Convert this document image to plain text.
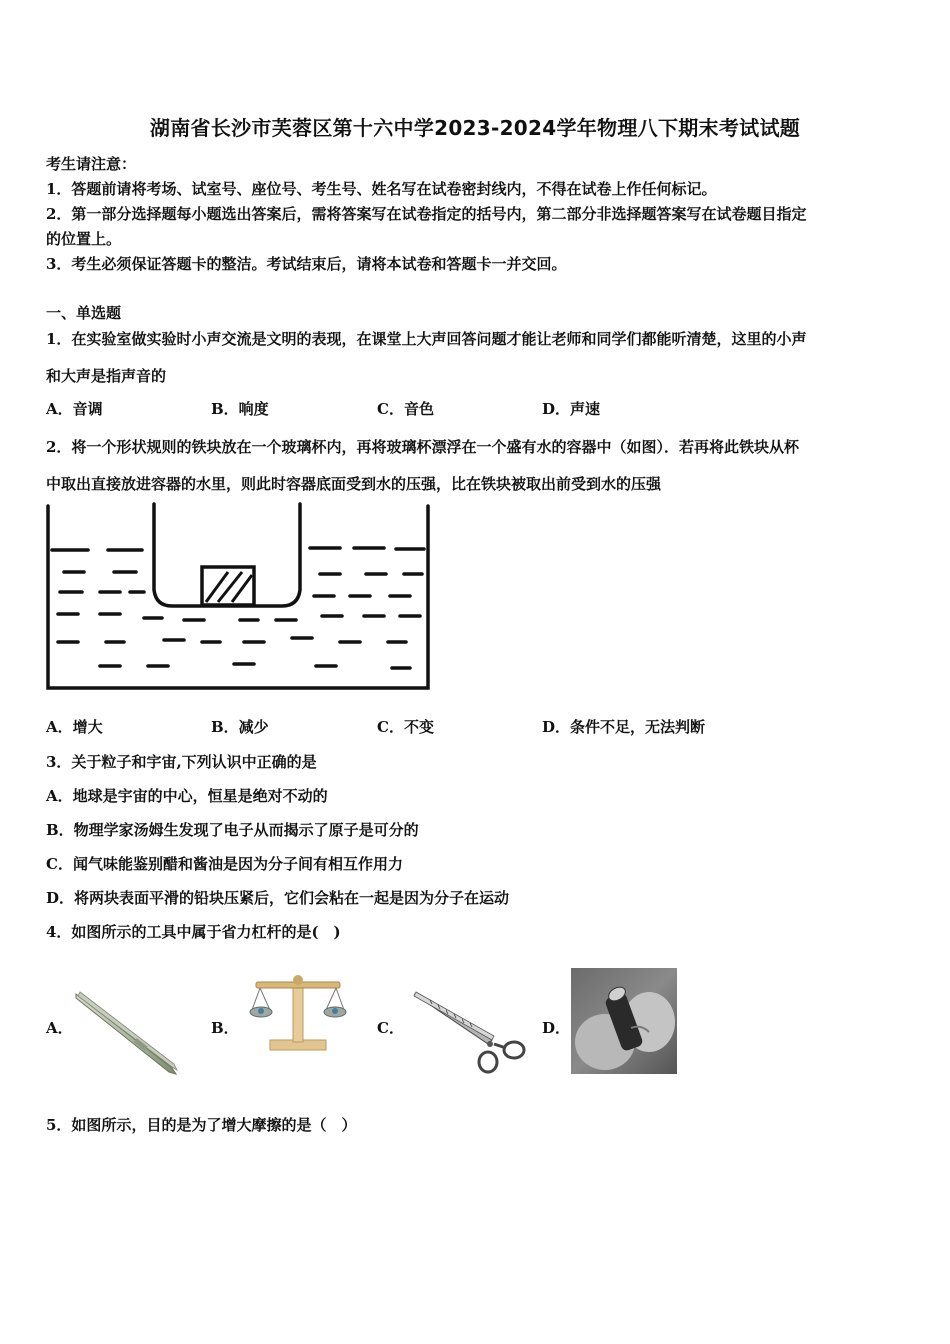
湖南省长沙市芙蓉区第十六中学2023-2024学年物理八下期末考试试题
考生请注意：
1．答题前请将考场、试室号、座位号、考生号、姓名写在试卷密封线内，不得在试卷上作任何标记。
2．第一部分选择题每小题选出答案后，需将答案写在试卷指定的括号内，第二部分非选择题答案写在试卷题目指定
的位置上。
3．考生必须保证答题卡的整洁。考试结束后，请将本试卷和答题卡一并交回。
一、单选题
1．在实验室做实验时小声交流是文明的表现，在课堂上大声回答问题才能让老师和同学们都能听清楚，这里的小声
和大声是指声音的
A．音调	B．响度	C．音色	D．声速
2．将一个形状规则的铁块放在一个玻璃杯内，再将玻璃杯漂浮在一个盛有水的容器中（如图）．若再将此铁块从杯
中取出直接放进容器的水里，则此时容器底面受到水的压强，比在铁块被取出前受到水的压强
A．增大	B．减少	C．不变	D．条件不足，无法判断
3．关于粒子和宇宙,下列认识中正确的是
A．地球是宇宙的中心，恒星是绝对不动的
B．物理学家汤姆生发现了电子从而揭示了原子是可分的
C．闻气味能鉴别醋和酱油是因为分子间有相互作用力
D．将两块表面平滑的铅块压紧后，它们会粘在一起是因为分子在运动
4．如图所示的工具中属于省力杠杆的是(　)
A．	B．	C．	D．
5．如图所示，目的是为了增大摩擦的是（　）
